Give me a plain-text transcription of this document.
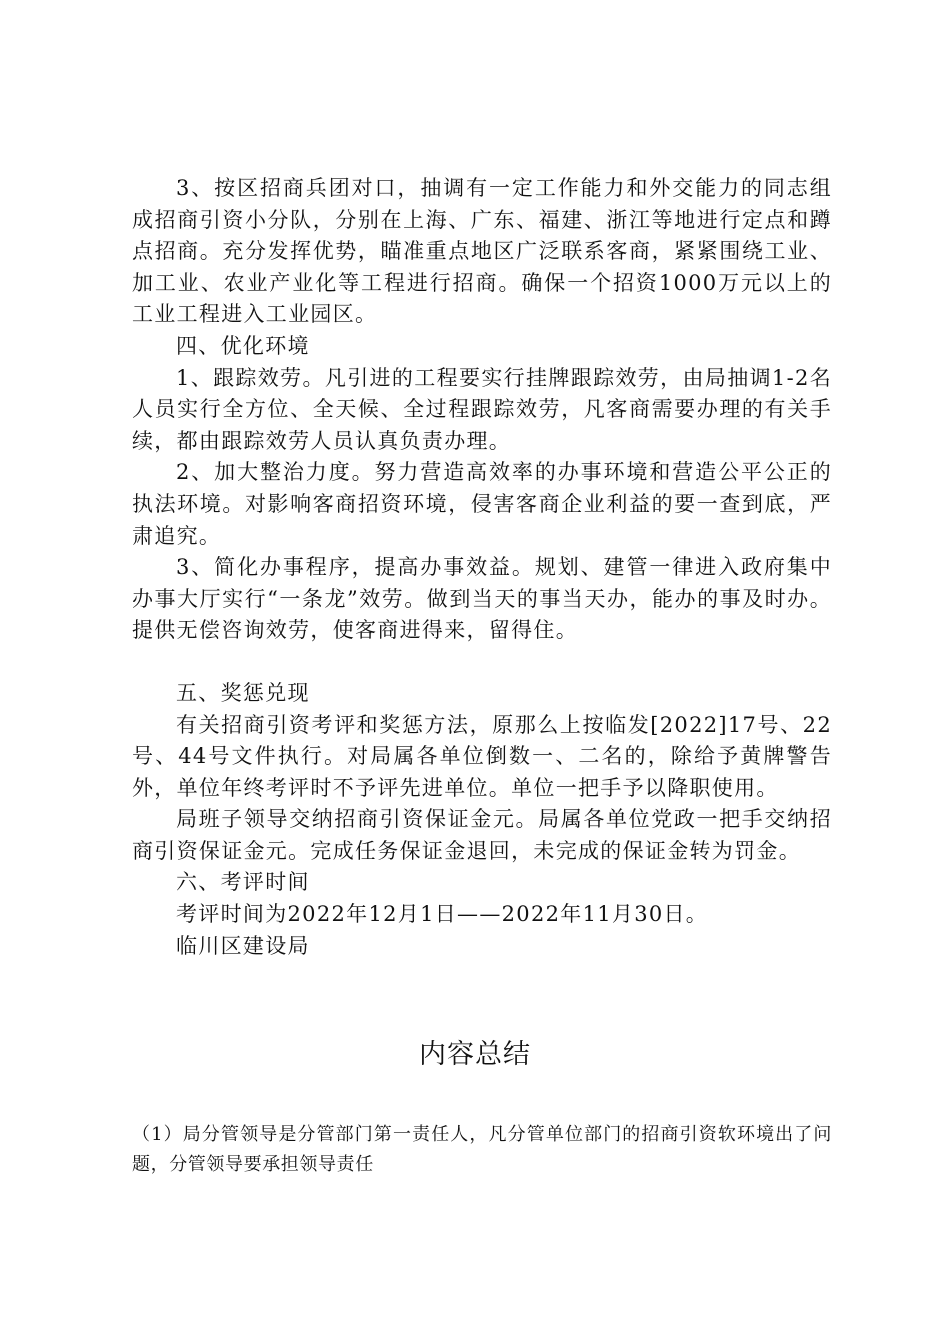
3、按区招商兵团对口，抽调有一定工作能力和外交能力的同志组成招商引资小分队，分别在上海、广东、福建、浙江等地进行定点和蹲点招商。充分发挥优势，瞄准重点地区广泛联系客商，紧紧围绕工业、加工业、农业产业化等工程进行招商。确保一个招资1000万元以上的工业工程进入工业园区。

四、优化环境

1、跟踪效劳。凡引进的工程要实行挂牌跟踪效劳，由局抽调1-2名人员实行全方位、全天候、全过程跟踪效劳，凡客商需要办理的有关手续，都由跟踪效劳人员认真负责办理。

2、加大整治力度。努力营造高效率的办事环境和营造公平公正的执法环境。对影响客商招资环境，侵害客商企业利益的要一查到底，严肃追究。

3、简化办事程序，提高办事效益。规划、建管一律进入政府集中办事大厅实行“一条龙”效劳。做到当天的事当天办，能办的事及时办。提供无偿咨询效劳，使客商进得来，留得住。

五、奖惩兑现

有关招商引资考评和奖惩方法，原那么上按临发[2022]17号、22号、44号文件执行。对局属各单位倒数一、二名的，除给予黄牌警告外，单位年终考评时不予评先进单位。单位一把手予以降职使用。

局班子领导交纳招商引资保证金元。局属各单位党政一把手交纳招商引资保证金元。完成任务保证金退回，未完成的保证金转为罚金。

六、考评时间

考评时间为2022年12月1日——2022年11月30日。

临川区建设局

内容总结
（1）局分管领导是分管部门第一责任人，凡分管单位部门的招商引资软环境出了问题，分管领导要承担领导责任
